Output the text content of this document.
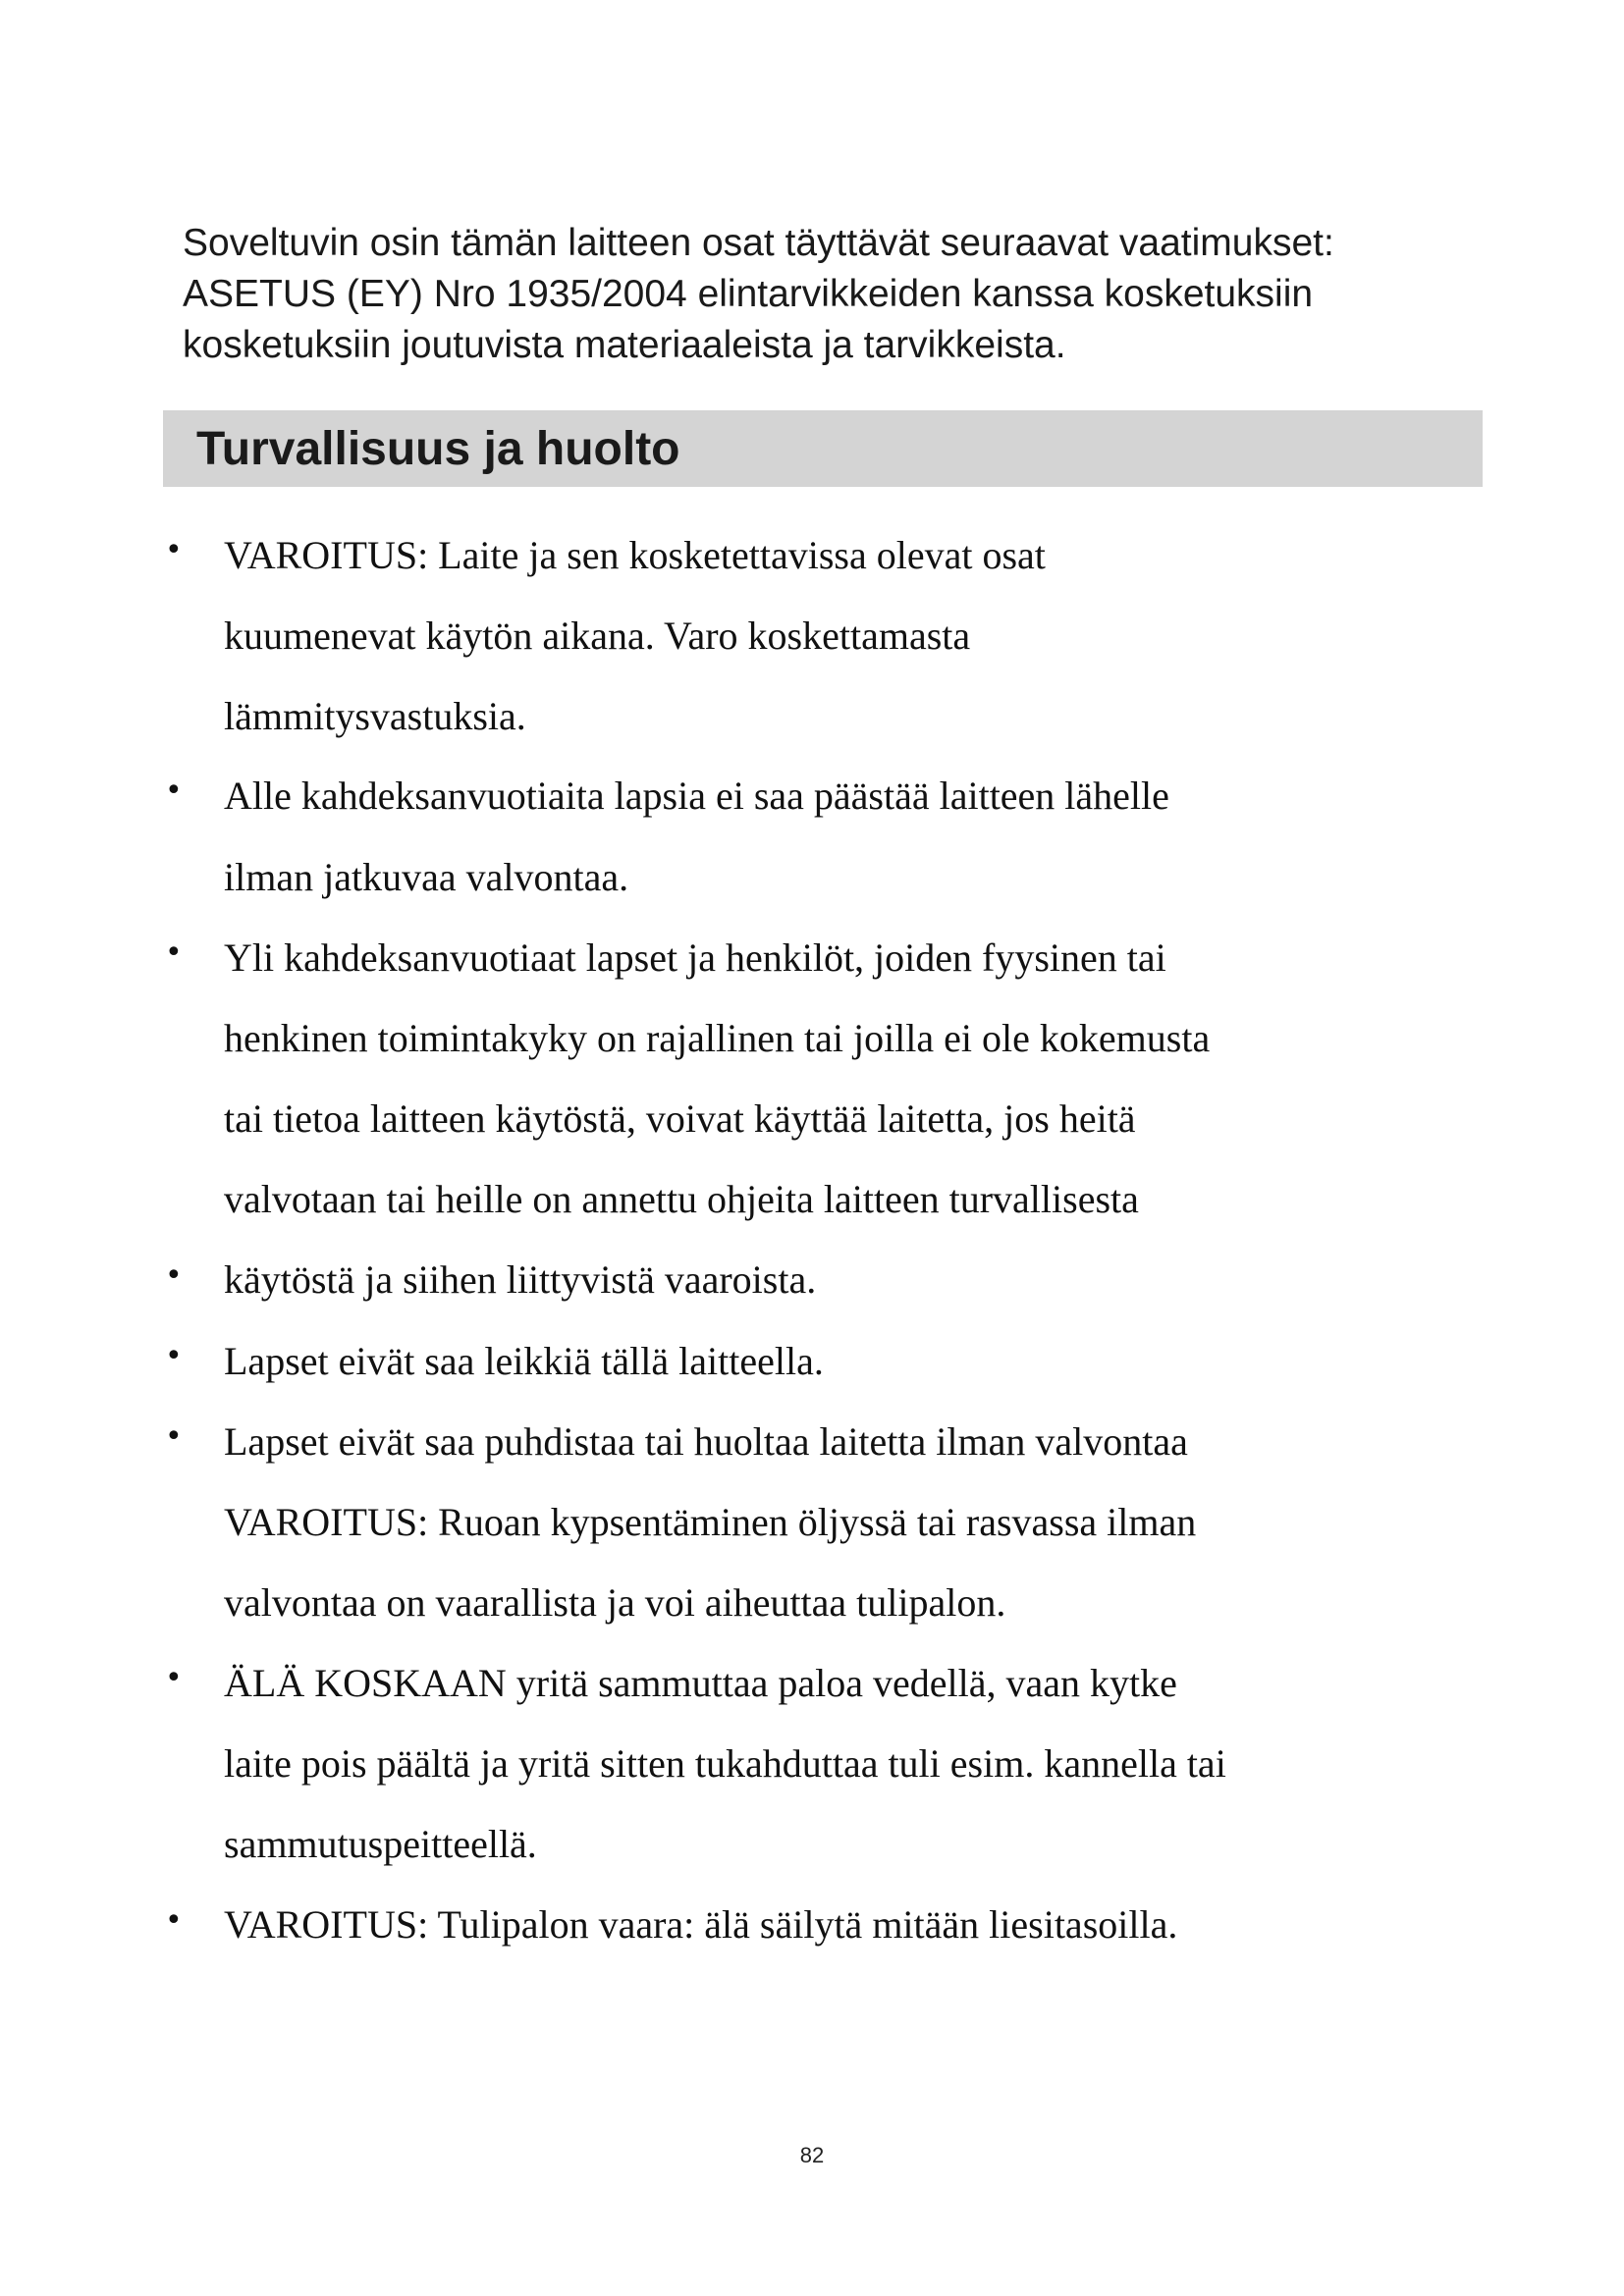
Soveltuvin osin tämän laitteen osat täyttävät seuraavat vaatimukset:
ASETUS (EY) Nro 1935/2004 elintarvikkeiden kanssa kosketuksiin
kosketuksiin joutuvista materiaaleista ja tarvikkeista.
Turvallisuus ja huolto
•
•
•
•
•
•
•
•
VAROITUS: Laite ja sen kosketettavissa olevat osat
kuumenevat käytön aikana. Varo koskettamasta
lämmitysvastuksia.
Alle kahdeksanvuotiaita lapsia ei saa päästää laitteen lähelle
ilman jatkuvaa valvontaa.
Yli kahdeksanvuotiaat lapset ja henkilöt, joiden fyysinen tai
henkinen toimintakyky on rajallinen tai joilla ei ole kokemusta
tai tietoa laitteen käytöstä, voivat käyttää laitetta, jos heitä
valvotaan tai heille on annettu ohjeita laitteen turvallisesta
käytöstä ja siihen liittyvistä vaaroista.
Lapset eivät saa leikkiä tällä laitteella.
Lapset eivät saa puhdistaa tai huoltaa laitetta ilman valvontaa
VAROITUS: Ruoan kypsentäminen öljyssä tai rasvassa ilman
valvontaa on vaarallista ja voi aiheuttaa tulipalon.
ÄLÄ KOSKAAN yritä sammuttaa paloa vedellä, vaan kytke
laite pois päältä ja yritä sitten tukahduttaa tuli esim. kannella tai
sammutuspeitteellä.
VAROITUS: Tulipalon vaara: älä säilytä mitään liesitasoilla.
82
